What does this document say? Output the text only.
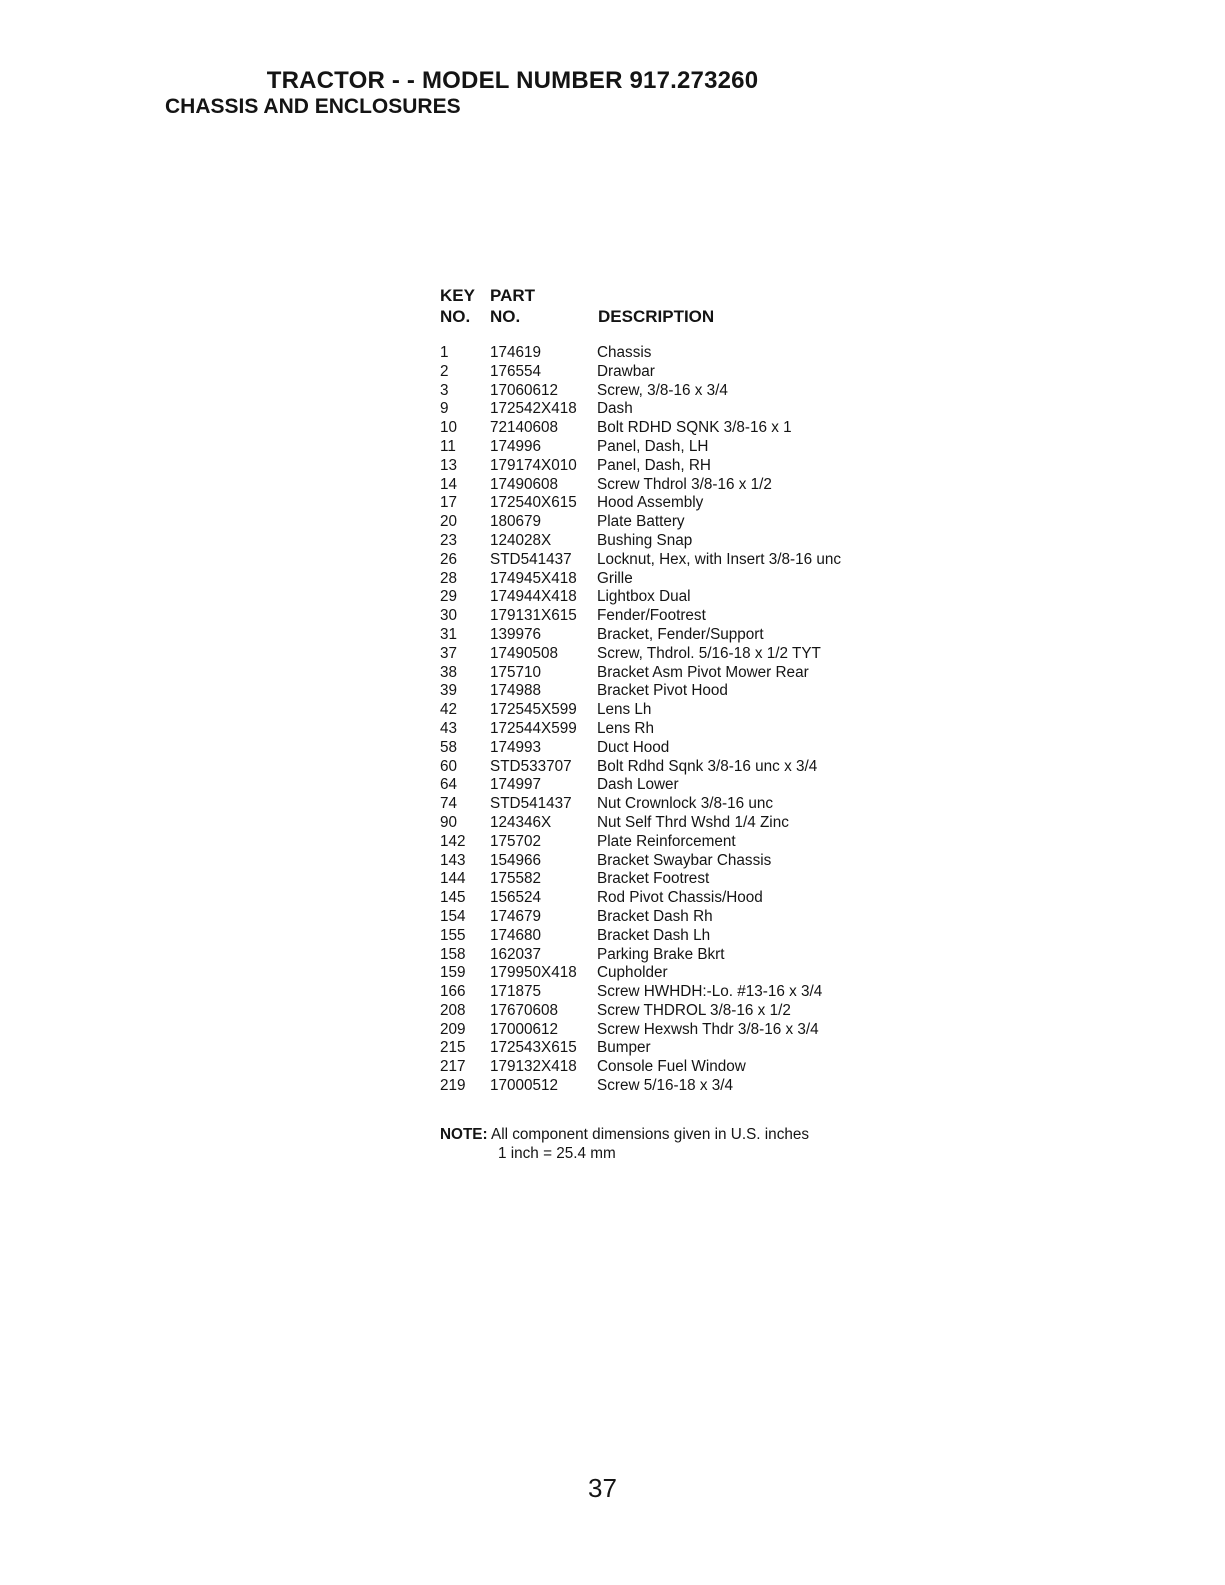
TRACTOR - - MODEL NUMBER 917.273260
CHASSIS AND ENCLOSURES
KEY PART
NO. NO.	DESCRIPTION
1	174619	Chassis
2	176554	Drawbar
3	17060612	Screw, 3/8-16 x 3/4
9	172542X418 Dash
10 72140608	Bolt RDHD SQNK 3/8-16 x 1
11 174996	Panel, Dash, LH
13 179174X010 Panel, Dash, RH
14 17490608	Screw Thdrol 3/8-16 x 1/2
17 172540X615 Hood Assembly
20 180679	Plate Battery
23 124028X	Bushing Snap
26 STD541437 Locknut, Hex, with Insert 3/8-16 unc
28 174945X418 Grille
29 174944X418 Lightbox Dual
30 179131X615 Fender/Footrest
31 139976	Bracket, Fender/Support
37 17490508	Screw, Thdrol. 5/16-18 x 1/2 TYT
38 175710	Bracket Asm Pivot Mower Rear
39 174988	Bracket Pivot Hood
42 172545X599 Lens Lh
43 172544X599 Lens Rh
58 174993	Duct Hood
60 STD533707 Bolt Rdhd Sqnk 3/8-16 unc x 3/4
64 174997	Dash Lower
74 STD541437 Nut Crownlock 3/8-16 unc
90 124346X	Nut Self Thrd Wshd 1/4 Zinc
142 175702	Plate Reinforcement
143 154966	Bracket Swaybar Chassis
144 175582	Bracket Footrest
145 156524	Rod Pivot Chassis/Hood
154 174679	Bracket Dash Rh
155 174680	Bracket Dash Lh
158 162037	Parking Brake Bkrt
159 179950X418 Cupholder
166 171875	Screw HWHDH:-Lo. #13-16 x 3/4
208 17670608	Screw THDROL 3/8-16 x 1/2
209 17000612	Screw Hexwsh Thdr 3/8-16 x 3/4
215 172543X615 Bumper
217 179132X418 Console Fuel Window
219 17000512	Screw 5/16-18 x 3/4
NOTE: All component dimensions given in U.S. inches
1 inch = 25.4 mm
37
